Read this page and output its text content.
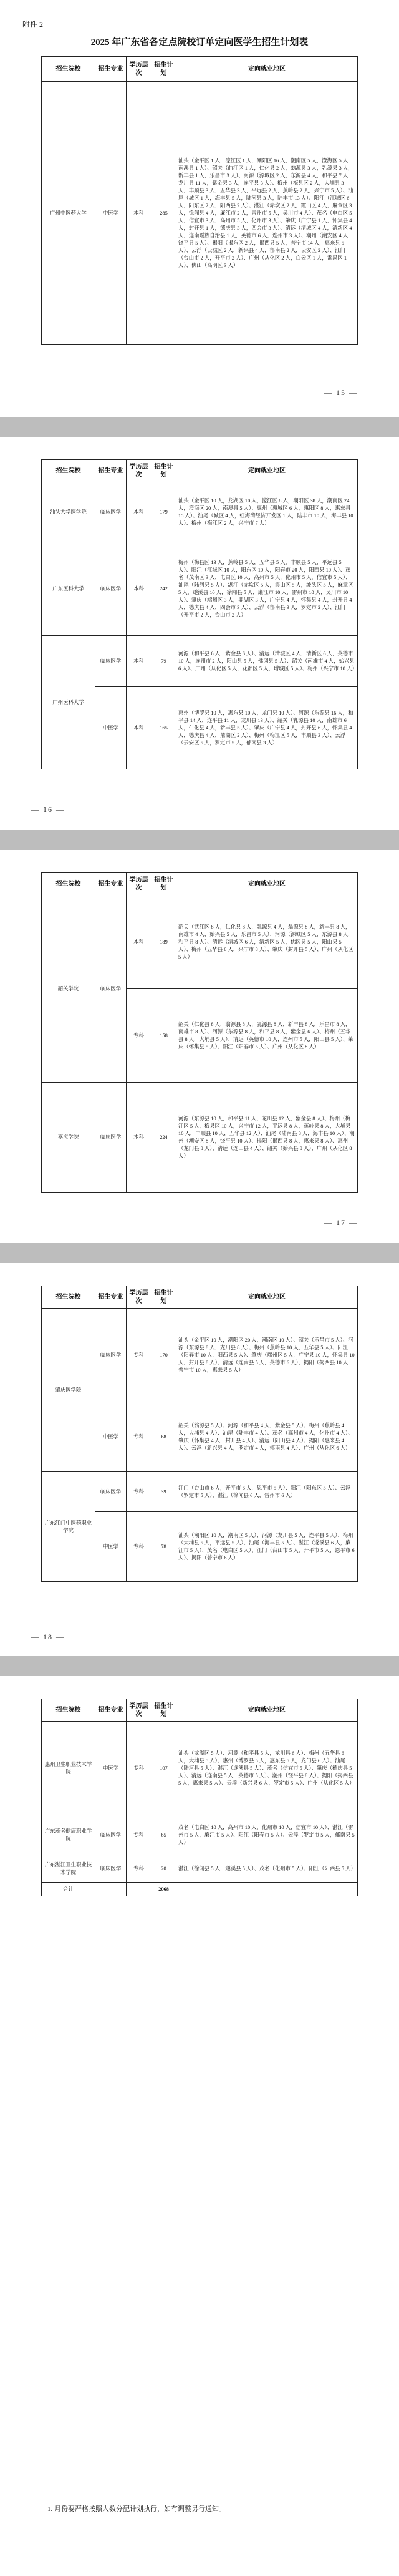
附件 2
2025 年广东省各定点院校订单定向医学生招生计划表
招生院校	招生专业	学历层次	招生计划	定向就业地区
广州中医药大学	中医学	本科	285	汕头（金平区 1 人，濠江区 1 人，潮阳区 16 人，潮南区 5 人，澄海区 5 人，南澳县 1 人）、韶关（曲江区 1 人，仁化县 2 人，翁源县 3 人，乳源县 3 人，新丰县 1 人，乐昌市 3 人）、河源（源城区 2 人，东源县 4 人，和平县 7 人，龙川县 11 人，紫金县 3 人，连平县 3 人）、梅州（梅县区 2 人，大埔县 3 人，丰顺县 3 人，五华县 3 人，平远县 2 人，蕉岭县 2 人，兴宁市 5 人）、汕尾（城区 1 人，海丰县 5 人，陆河县 3 人，陆丰市 13 人）、阳江（江城区 6 人，阳东区 2 人，阳西县 2 人）、湛江（赤坎区 2 人，霞山区 4 人，麻章区 3 人，徐闻县 4 人，廉江市 2 人，雷州市 5 人，吴川市 4 人）、茂名（电白区 5 人，信宜市 3 人，高州市 5 人，化州市 3 人）、肇庆（广宁县 1 人，怀集县 4 人，封开县 1 人，德庆县 3 人，四会市 3 人）、清远（清城区 4 人，清新区 4 人，连南瑶族自治县 1 人，英德市 6 人，连州市 3 人）、潮州（潮安区 4 人，饶平县 5 人）、揭阳（揭东区 2 人，揭西县 5 人，普宁市 14 人，惠来县 5 人）、云浮（云城区 2 人，新兴县 4 人，郁南县 2 人，云安区 2 人）、江门（台山市 2 人，开平市 2 人）、广州（从化区 2 人，白云区 1 人，番禺区 1 人）、佛山（高明区 3 人）
— 15 —
招生院校	招生专业	学历层次	招生计划	定向就业地区
汕头大学医学院	临床医学	本科	179	汕头（金平区 10 人，龙湖区 10 人，濠江区 8 人，潮阳区 38 人，潮南区 24 人，澄海区 20 人，南澳县 5 人）、惠州（惠城区 6 人，惠阳区 8 人，惠东县 15 人）、汕尾（城区 4 人，红海湾经济开发区 1 人，陆丰市 10 人，海丰县 10 人）、梅州（梅江区 2 人，兴宁市 7 人）
广东医科大学	临床医学	本科	242	梅州（梅县区 13 人，蕉岭县 5 人，五华县 5 人，丰顺县 5 人，平远县 5 人）、阳江（江城区 10 人，阳东区 10 人，阳春市 20 人，阳西县 10 人）、茂名（茂南区 3 人，电白区 10 人，高州市 5 人，化州市 5 人，信宜市 5 人）、汕尾（陆河县 5 人）、湛江（赤坎区 5 人，霞山区 5 人，坡头区 5 人，麻章区 5 人，遂溪县 10 人，徐闻县 5 人，廉江市 10 人，雷州市 10 人，吴川市 10 人）、肇庆（端州区 3 人，鼎湖区 3 人，广宁县 4 人，怀集县 4 人，封开县 4 人，德庆县 4 人，四会市 3 人）、云浮（郁南县 3 人，罗定市 2 人）、江门（开平市 2 人，台山市 2 人）
广州医科大学	临床医学	本科	79	河源（和平县 6 人，紫金县 6 人）、清远（清城区 4 人，清新区 6 人，英德市 10 人，连州市 2 人，阳山县 5 人，佛冈县 5 人）、韶关（南雄市 4 人，始兴县 6 人）、广州（从化区 5 人，花都区 5 人，增城区 5 人）、梅州（兴宁市 10 人）
	中医学	本科	165	惠州（博罗县 10 人，惠东县 10 人，龙门县 10 人）、河源（东源县 16 人，和平县 14 人，连平县 11 人，龙川县 13 人）、韶关（乳源县 10 人，南雄市 6 人，仁化县 4 人，新丰县 5 人）、肇庆（广宁县 4 人，封开县 6 人，怀集县 4 人，德庆县 4 人，鼎湖区 2 人）、梅州（梅江区 5 人，丰顺县 3 人）、云浮（云安区 5 人，罗定市 5 人，郁南县 3 人）
— 16 —
招生院校	招生专业	学历层次	招生计划	定向就业地区
韶关学院	临床医学	本科	189	韶关（武江区 8 人，仁化县 8 人，乳源县 4 人，翁源县 8 人，新丰县 8 人，南雄市 4 人，始兴县 5 人，乐昌市 5 人）、河源（源城区 5 人，东源县 8 人，和平县 8 人）、清远（清城区 6 人，清新区 5 人，佛冈县 5 人，阳山县 5 人）、梅州（五华县 8 人，兴宁市 8 人）、肇庆（封开县 5 人）、广州（从化区 5 人）
		专科	158	韶关（仁化县 8 人，翁源县 8 人，乳源县 8 人，新丰县 8 人，乐昌市 8 人，南雄市 8 人）、河源（东源县 8 人，和平县 8 人，紫金县 6 人）、梅州（五华县 8 人，大埔县 5 人）、清远（英德市 10 人，连州市 5 人，阳山县 5 人）、肇庆（怀集县 5 人）、阳江（阳春市 5 人）、广州（从化区 8 人）
嘉应学院	临床医学	本科	224	河源（东源县 10 人，和平县 11 人，龙川县 12 人，紫金县 8 人）、梅州（梅江区 5 人，梅县区 10 人，兴宁市 12 人，平远县 8 人，蕉岭县 8 人，大埔县 10 人，丰顺县 10 人，五华县 12 人）、汕尾（陆河县 8 人，海丰县 10 人）、潮州（潮安区 8 人，饶平县 10 人）、揭阳（揭西县 8 人，惠来县 8 人）、惠州（龙门县 8 人）、清远（连山县 4 人）、韶关（始兴县 8 人）、广州（从化区 8 人）
— 17 —
招生院校	招生专业	学历层次	招生计划	定向就业地区
肇庆医学院	临床医学	专科	170	汕头（金平区 10 人，潮阳区 20 人，潮南区 10 人）、韶关（乐昌市 5 人）、河源（东源县 8 人，龙川县 8 人）、梅州（蕉岭县 10 人，五华县 5 人）、阳江（阳春市 10 人，阳西县 5 人）、肇庆（端州区 5 人，广宁县 10 人，怀集县 10 人，封开县 8 人）、清远（连南县 5 人，英德市 6 人）、揭阳（揭西县 10 人，普宁市 10 人，惠来县 5 人）
	中医学	专科	68	韶关（翁源县 5 人）、河源（和平县 4 人，紫金县 5 人）、梅州（蕉岭县 4 人，大埔县 4 人）、汕尾（陆丰市 4 人）、茂名（高州市 4 人，化州市 4 人）、肇庆（怀集县 4 人，封开县 4 人）、清远（阳山县 4 人）、揭阳（惠来县 4 人）、云浮（新兴县 4 人，罗定市 4 人，郁南县 4 人）、广州（从化区 6 人）
广东江门中医药职业学院	临床医学	专科	39	江门（台山市 6 人，开平市 6 人，恩平市 5 人）、阳江（阳东区 5 人）、云浮（罗定市 5 人）、湛江（徐闻县 6 人，雷州市 6 人）
	中医学	专科	78	汕头（潮阳区 10 人，潮南区 5 人）、河源（龙川县 5 人，连平县 5 人）、梅州（大埔县 5 人，平远县 5 人）、汕尾（海丰县 5 人）、湛江（遂溪县 6 人，廉江市 5 人）、茂名（电白区 5 人）、江门（台山市 5 人，开平市 5 人，恩平市 6 人）、揭阳（普宁市 6 人）
— 18 —
招生院校	招生专业	学历层次	招生计划	定向就业地区
惠州卫生职业技术学院	中医学	专科	107	汕头（龙湖区 5 人）、河源（和平县 5 人，龙川县 6 人）、梅州（五华县 6 人，大埔县 5 人）、惠州（博罗县 5 人，惠东县 5 人，龙门县 6 人）、汕尾（陆河县 5 人）、湛江（遂溪县 5 人）、茂名（信宜市 5 人）、肇庆（德庆县 5 人）、清远（连南县 5 人，英德市 5 人）、潮州（饶平县 8 人）、揭阳（揭西县 5 人，惠来县 5 人）、云浮（新兴县 6 人，罗定市 5 人）、广州（从化区 5 人）
广东茂名健康职业学院	临床医学	专科	65	茂名（电白区 10 人，高州市 10 人，化州市 10 人，信宜市 10 人）、湛江（雷州市 5 人，廉江市 5 人）、阳江（阳春市 5 人）、云浮（罗定市 5 人，郁南县 5 人）
广东湛江卫生职业技术学院	临床医学	专科	20	湛江（徐闻县 5 人，遂溪县 5 人）、茂名（化州市 5 人）、阳江（阳西县 5 人）
合计			2068	
1. 月份要严格按照人数分配计划执行，如有调整另行通知。
